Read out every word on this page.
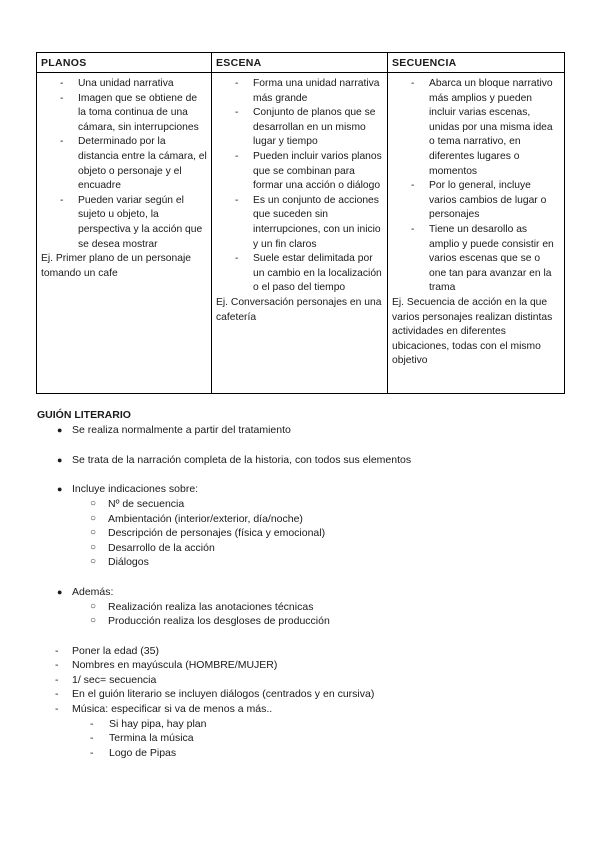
PLANOS	ESCENA	SECUENCIA
- Una unidad narrativa
- Imagen que se obtiene de la toma continua de una cámara, sin interrupciones
- Determinado por la distancia entre la cámara, el objeto o personaje y el encuadre
- Pueden variar según el sujeto u objeto, la perspectiva y la acción que se desea mostrar
Ej. Primer plano de un personaje tomando un cafe
- Forma una unidad narrativa más grande
- Conjunto de planos que se desarrollan en un mismo lugar y tiempo
- Pueden incluir varios planos que se combinan para formar una acción o diálogo
- Es un conjunto de acciones que suceden sin interrupciones, con un inicio y un fin claros
- Suele estar delimitada por un cambio en la localización o el paso del tiempo
Ej. Conversación personajes en una cafetería
- Abarca un bloque narrativo más amplios y pueden incluir varias escenas, unidas por una misma idea o tema narrativo, en diferentes lugares o momentos
- Por lo general, incluye varios cambios de lugar o personajes
- Tiene un desarollo as amplio y puede consistir en varios escenas que se o one tan para avanzar en la trama
Ej. Secuencia de acción en la que varios personajes realizan distintas actividades en diferentes ubicaciones, todas con el mismo objetivo
GUIÓN LITERARIO
● Se realiza normalmente a partir del tratamiento
● Se trata de la narración completa de la historia, con todos sus elementos
● Incluye indicaciones sobre:
○ Nº de secuencia
○ Ambientación (interior/exterior, día/noche)
○ Descripción de personajes (física y emocional)
○ Desarrollo de la acción
○ Diálogos
● Además:
○ Realización realiza las anotaciones técnicas
○ Producción realiza los desgloses de producción
- Poner la edad (35)
- Nombres en mayúscula (HOMBRE/MUJER)
- 1/ sec= secuencia
- En el guión literario se incluyen diálogos (centrados y en cursiva)
- Música: especificar si va de menos a más..
- Si hay pipa, hay plan
- Termina la música
- Logo de Pipas
